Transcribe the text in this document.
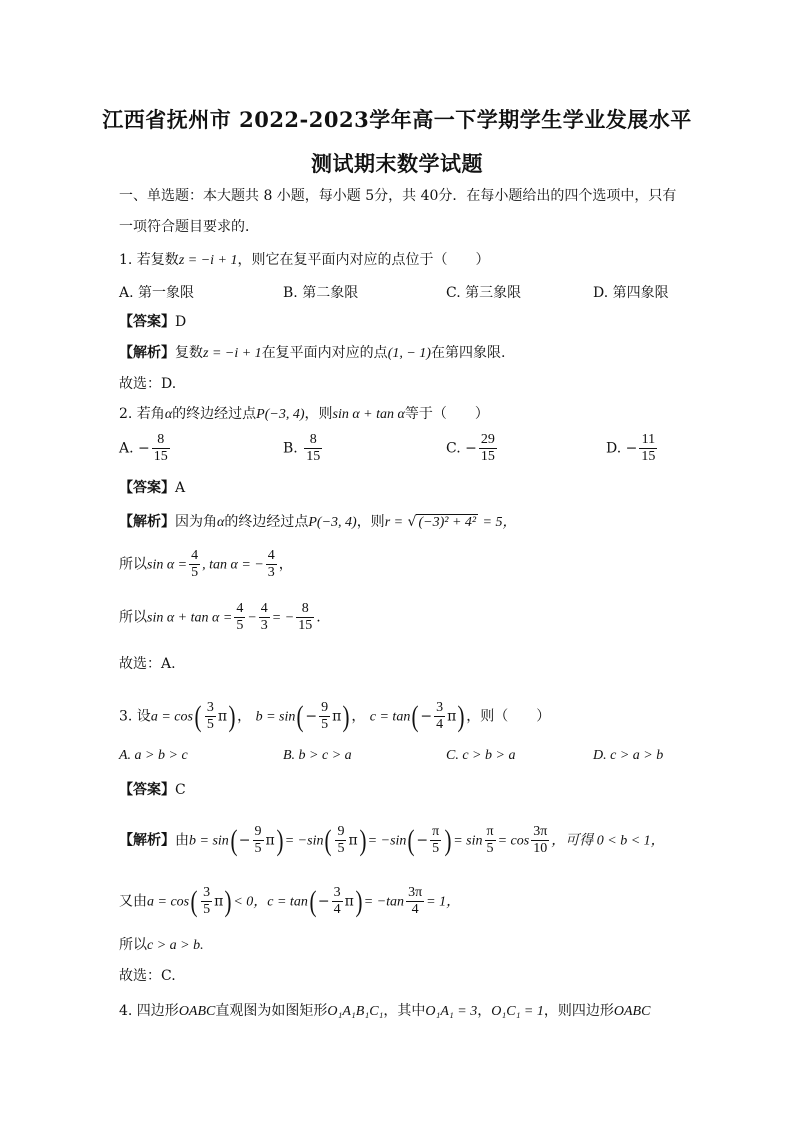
江西省抚州市 2022-2023学年高一下学期学生学业发展水平
测试期末数学试题
一、单选题：本大题共 8 小题，每小题 5分，共 40分．在每小题给出的四个选项中，只有
一项符合题目要求的．
1. 若复数z = −i + 1，则它在复平面内对应的点位于（　　）
A. 第一象限	B. 第二象限	C. 第三象限	D. 第四象限
【答案】D
【解析】复数z = −i + 1在复平面内对应的点(1, − 1)在第四象限.
故选：D.
2. 若角α的终边经过点P(−3, 4)，则sin α + tan α等于（　　）
A. − $\frac{8}{15}$	B. $\frac{8}{15}$	C. − $\frac{29}{15}$	D. − $\frac{11}{15}$
【答案】A
【解析】因为角α的终边经过点P(−3, 4)，则r = √ (−3)² + 4² = 5，
所以$\sin \alpha = \frac{4}{5}$ , tan α = − $\frac{4}{3}$ ，
所以$\sin \alpha + \tan \alpha = \frac{4}{5} - \frac{4}{3}$ = − $\frac{8}{15}$ .
故选：A.
3. 设$a = \cos( \frac{3}{5} \pi)$ ， $b = \sin( - \frac{9}{5} \pi)$ ， $c = \tan( - \frac{3}{4} \pi)$ ，则（　　）
A. a > b > c	B. b > c > a	C. c > b > a	D. c > a > b
【答案】C
【解析】由$b = \sin( - \frac{9}{5} \pi) = -\sin( \frac{9}{5} \pi) = -\sin( - \frac{\pi}{5}$ ) = $\sin \frac{\pi}{5} = \cos \frac{3\pi}{10}$ ，可得 0 < b < 1，
又由$a = \cos( \frac{3}{5} \pi) < 0$，$c = \tan( - \frac{3}{4} \pi) = -\tan \frac{3\pi}{4} = 1$，
所以c > a > b.
故选：C.
4. 四边形OABC直观图为如图矩形O₁A₁B₁C₁，其中O₁A₁ = 3，O₁C₁ = 1，则四边形OABC
